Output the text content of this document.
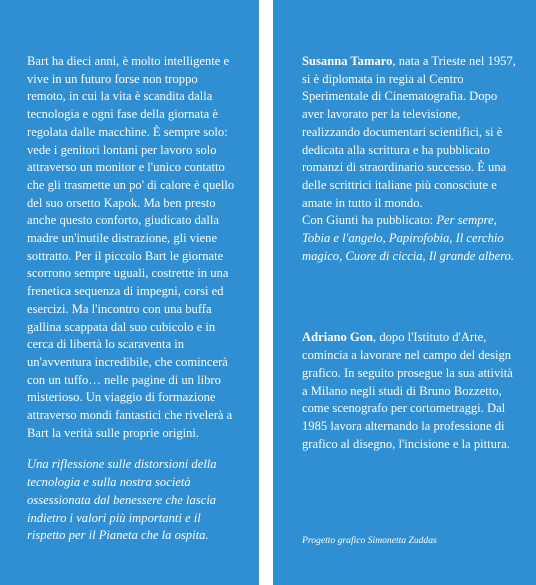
Bart ha dieci anni, è molto intelligente e vive in un futuro forse non troppo remoto, in cui la vita è scandita dalla tecnologia e ogni fase della giornata è regolata dalle macchine. È sempre solo: vede i genitori lontani per lavoro solo attraverso un monitor e l'unico contatto che gli trasmette un po' di calore è quello del suo orsetto Kapok. Ma ben presto anche questo conforto, giudicato dalla madre un'inutile distrazione, gli viene sottratto. Per il piccolo Bart le giornate scorrono sempre uguali, costrette in una frenetica sequenza di impegni, corsi ed esercizi. Ma l'incontro con una buffa gallina scappata dal suo cubicolo e in cerca di libertà lo scaraventa in un'avventura incredibile, che comincerà con un tuffo… nelle pagine di un libro misterioso. Un viaggio di formazione attraverso mondi fantastici che rivelerà a Bart la verità sulle proprie origini.

Una riflessione sulle distorsioni della tecnologia e sulla nostra società ossessionata dal benessere che lascia indietro i valori più importanti e il rispetto per il Pianeta che la ospita.

Susanna Tamaro, nata a Trieste nel 1957, si è diplomata in regia al Centro Sperimentale di Cinematografia. Dopo aver lavorato per la televisione, realizzando documentari scientifici, si è dedicata alla scrittura e ha pubblicato romanzi di straordinario successo. È una delle scrittrici italiane più conosciute e amate in tutto il mondo.

Con Giunti ha pubblicato: Per sempre, Tobia e l'angelo, Papirofobia, Il cerchio magico, Cuore di ciccia, Il grande albero.

Adriano Gon, dopo l'Istituto d'Arte, comincia a lavorare nel campo del design grafico. In seguito prosegue la sua attività a Milano negli studi di Bruno Bozzetto, come scenografo per cortometraggi. Dal 1985 lavora alternando la professione di grafico al disegno, l'incisione e la pittura.

Progetto grafico Simonetta Zuddas
